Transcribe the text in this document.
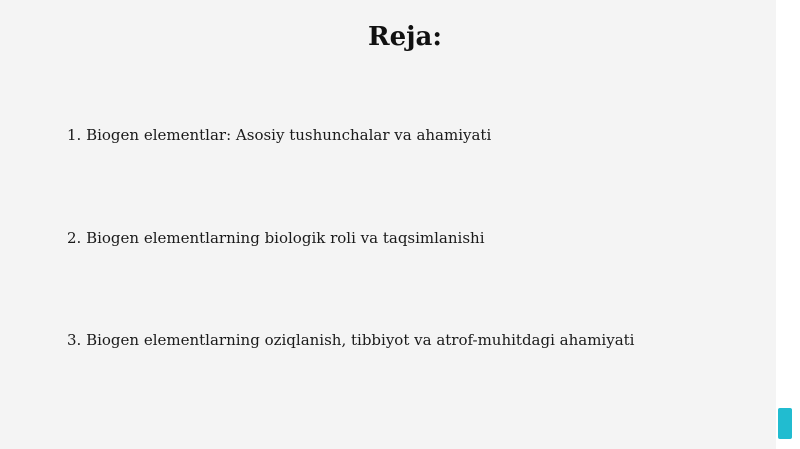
Reja:

1. Biogen elementlar: Asosiy tushunchalar va ahamiyati

2. Biogen elementlarning biologik roli va taqsimlanishi

3. Biogen elementlarning oziqlanish, tibbiyot va atrof-muhitdagi ahamiyati
